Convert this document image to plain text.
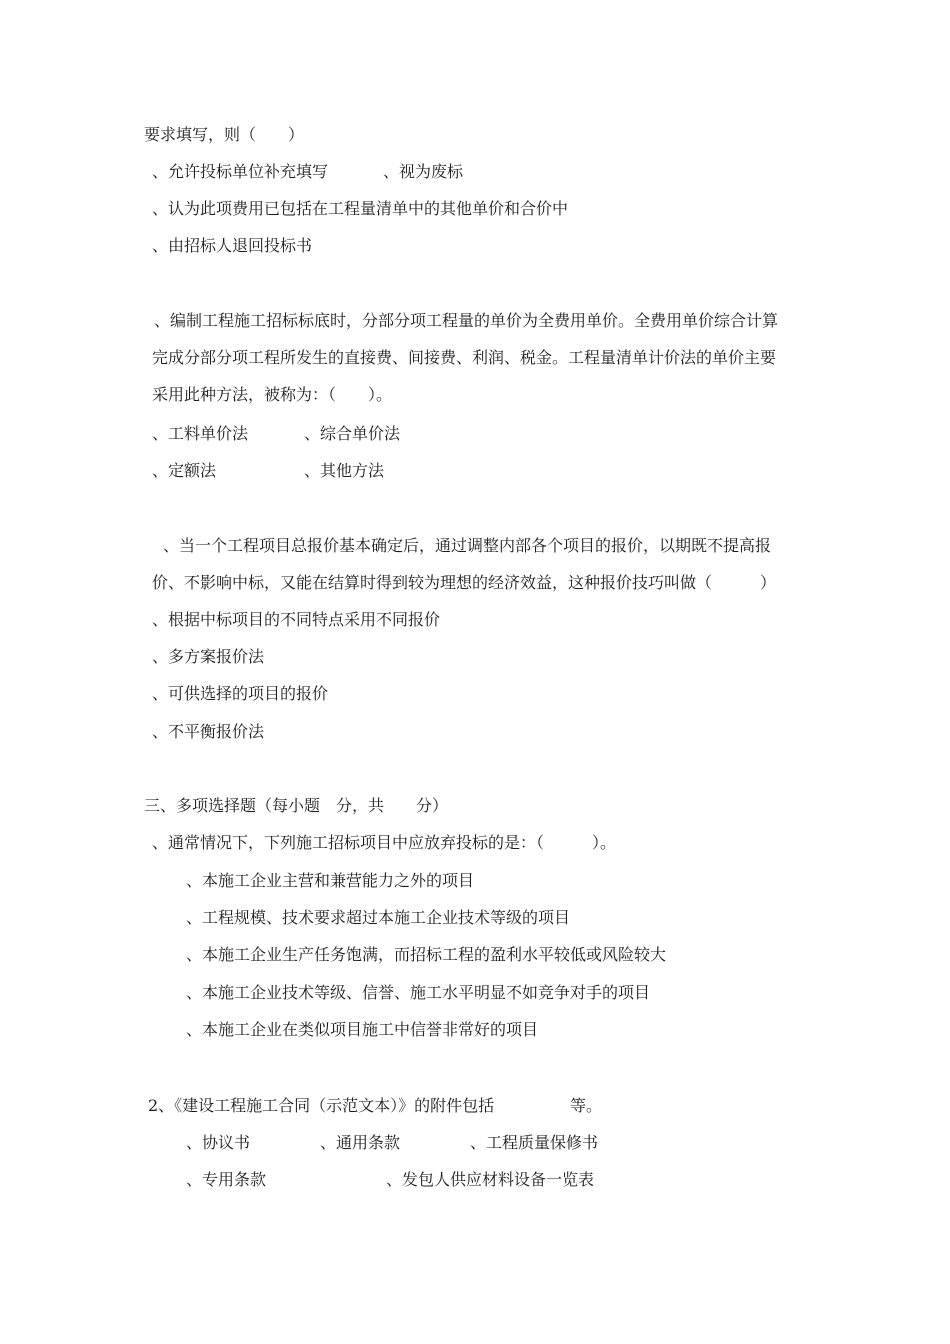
要求填写，则（　　）
、允许投标单位补充填写	、视为废标
、认为此项费用已包括在工程量清单中的其他单价和合价中
、由招标人退回投标书
、编制工程施工招标标底时，分部分项工程量的单价为全费用单价。全费用单价综合计算
完成分部分项工程所发生的直接费、间接费、利润、税金。工程量清单计价法的单价主要
采用此种方法，被称为：（　　）。
、工料单价法	、综合单价法
、定额法	、其他方法
、当一个工程项目总报价基本确定后，通过调整内部各个项目的报价，以期既不提高报
价、不影响中标，又能在结算时得到较为理想的经济效益，这种报价技巧叫做（　　　）
、根据中标项目的不同特点采用不同报价
、多方案报价法
、可供选择的项目的报价
、不平衡报价法
三、多项选择题（每小题　分，共　　分）
、通常情况下，下列施工招标项目中应放弃投标的是：（　　　）。
、本施工企业主营和兼营能力之外的项目
、工程规模、技术要求超过本施工企业技术等级的项目
、本施工企业生产任务饱满，而招标工程的盈利水平较低或风险较大
、本施工企业技术等级、信誉、施工水平明显不如竞争对手的项目
、本施工企业在类似项目施工中信誉非常好的项目
2、《建设工程施工合同（示范文本）》的附件包括	等。
、协议书	、通用条款	、工程质量保修书
、专用条款	、发包人供应材料设备一览表
